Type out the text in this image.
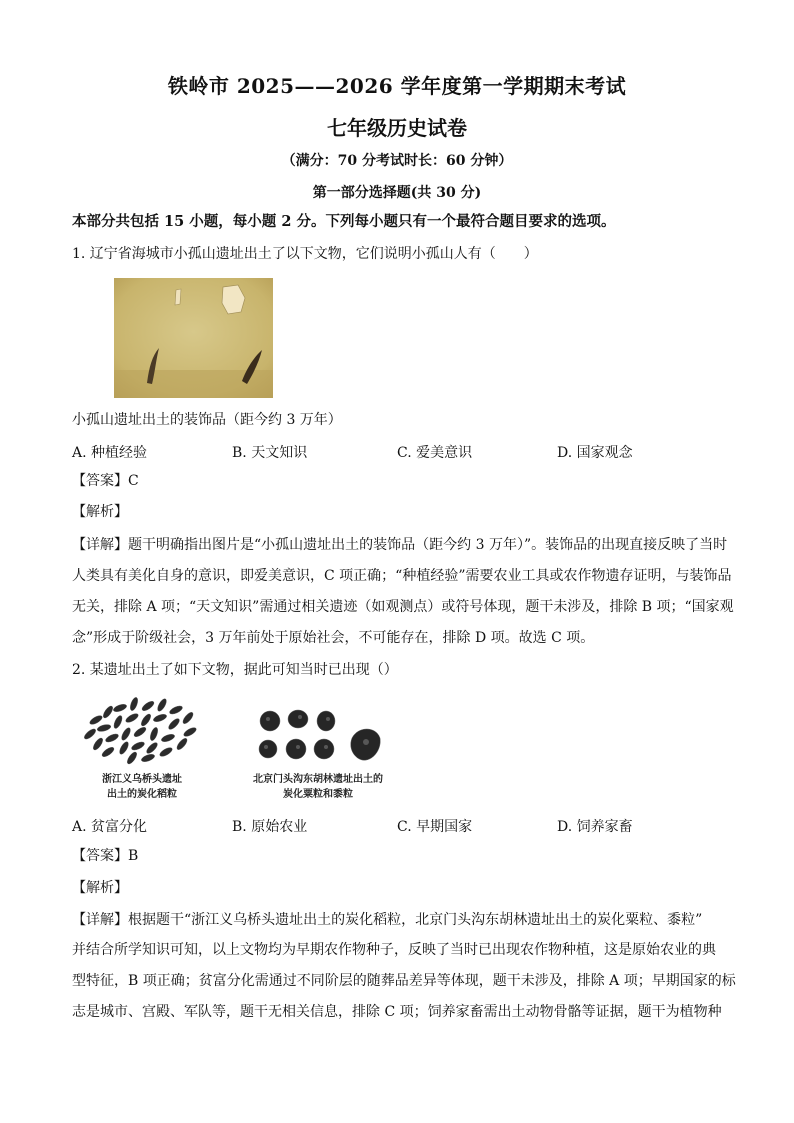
铁岭市 2025——2026 学年度第一学期期末考试
七年级历史试卷
（满分：70 分考试时长：60 分钟）
第一部分选择题(共 30 分)
本部分共包括 15 小题，每小题 2 分。下列每小题只有一个最符合题目要求的选项。
1. 辽宁省海城市小孤山遗址出土了以下文物，它们说明小孤山人有（　　）
小孤山遗址出土的装饰品（距今约 3 万年）
A. 种植经验	B. 天文知识	C. 爱美意识	D. 国家观念
【答案】C
【解析】
【详解】题干明确指出图片是“小孤山遗址出土的装饰品（距今约 3 万年）”。装饰品的出现直接反映了当时
人类具有美化自身的意识，即爱美意识，C 项正确；“种植经验”需要农业工具或农作物遗存证明，与装饰品
无关，排除 A 项；“天文知识”需通过相关遗迹（如观测点）或符号体现，题干未涉及，排除 B 项；“国家观
念”形成于阶级社会，3 万年前处于原始社会，不可能存在，排除 D 项。故选 C 项。
2. 某遗址出土了如下文物，据此可知当时已出现（）
浙江义乌桥头遗址
出土的炭化稻粒
北京门头沟东胡林遗址出土的
炭化粟粒和黍粒
A. 贫富分化	B. 原始农业	C. 早期国家	D. 饲养家畜
【答案】B
【解析】
【详解】根据题干“浙江义乌桥头遗址出土的炭化稻粒，北京门头沟东胡林遗址出土的炭化粟粒、黍粒”
并结合所学知识可知，以上文物均为早期农作物种子，反映了当时已出现农作物种植，这是原始农业的典
型特征，B 项正确；贫富分化需通过不同阶层的随葬品差异等体现，题干未涉及，排除 A 项；早期国家的标
志是城市、宫殿、军队等，题干无相关信息，排除 C 项；饲养家畜需出土动物骨骼等证据，题干为植物种
